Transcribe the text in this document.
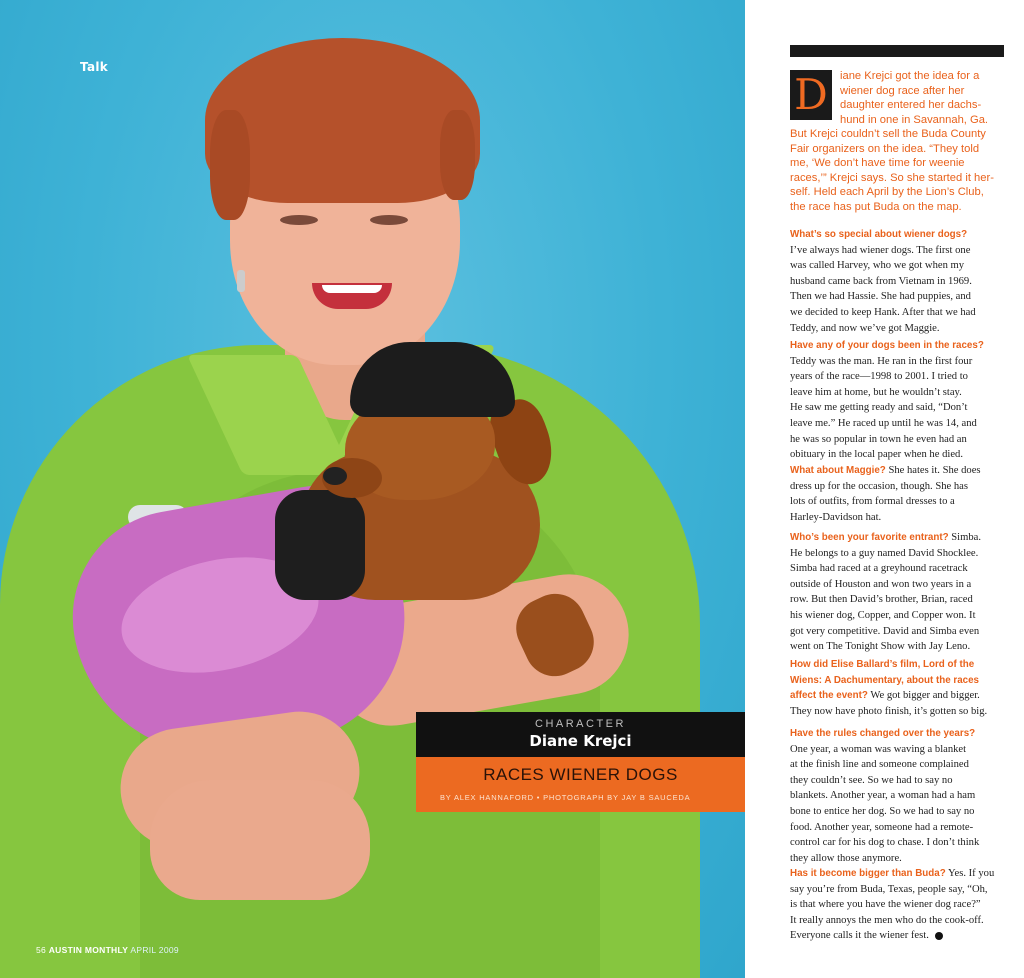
Talk
56 AUSTIN MONTHLY APRIL 2009
CHARACTER
Diane Krejci
RACES WIENER DOGS
BY ALEX HANNAFORD • PHOTOGRAPH BY JAY B SAUCEDA
iane Krejci got the idea for a
wiener dog race after her
daughter entered her dachs-
hund in one in Savannah, Ga.
But Krejci couldn’t sell the Buda County
Fair organizers on the idea. “They told
me, ‘We don’t have time for weenie
races,’” Krejci says. So she started it her-
self. Held each April by the Lion’s Club,
the race has put Buda on the map.
D
What’s so special about wiener dogs?
I’ve always had wiener dogs. The first one
was called Harvey, who we got when my
husband came back from Vietnam in 1969.
Then we had Hassie. She had puppies, and
we decided to keep Hank. After that we had
Teddy, and now we’ve got Maggie.
Have any of your dogs been in the races?
Teddy was the man. He ran in the first four
years of the race—1998 to 2001. I tried to
leave him at home, but he wouldn’t stay.
He saw me getting ready and said, “Don’t
leave me.” He raced up until he was 14, and
he was so popular in town he even had an
obituary in the local paper when he died.
What about Maggie? She hates it. She does
dress up for the occasion, though. She has
lots of outfits, from formal dresses to a
Harley-Davidson hat.
Who’s been your favorite entrant? Simba.
He belongs to a guy named David Shocklee.
Simba had raced at a greyhound racetrack
outside of Houston and won two years in a
row. But then David’s brother, Brian, raced
his wiener dog, Copper, and Copper won. It
got very competitive. David and Simba even
went on The Tonight Show with Jay Leno.
How did Elise Ballard’s film, Lord of the
Wiens: A Dachumentary, about the races
affect the event? We got bigger and bigger.
They now have photo finish, it’s gotten so big.
Have the rules changed over the years?
One year, a woman was waving a blanket
at the finish line and someone complained
they couldn’t see. So we had to say no
blankets. Another year, a woman had a ham
bone to entice her dog. So we had to say no
food. Another year, someone had a remote-
control car for his dog to chase. I don’t think
they allow those anymore.
Has it become bigger than Buda? Yes. If you
say you’re from Buda, Texas, people say, “Oh,
is that where you have the wiener dog race?”
It really annoys the men who do the cook-off.
Everyone calls it the wiener fest.
